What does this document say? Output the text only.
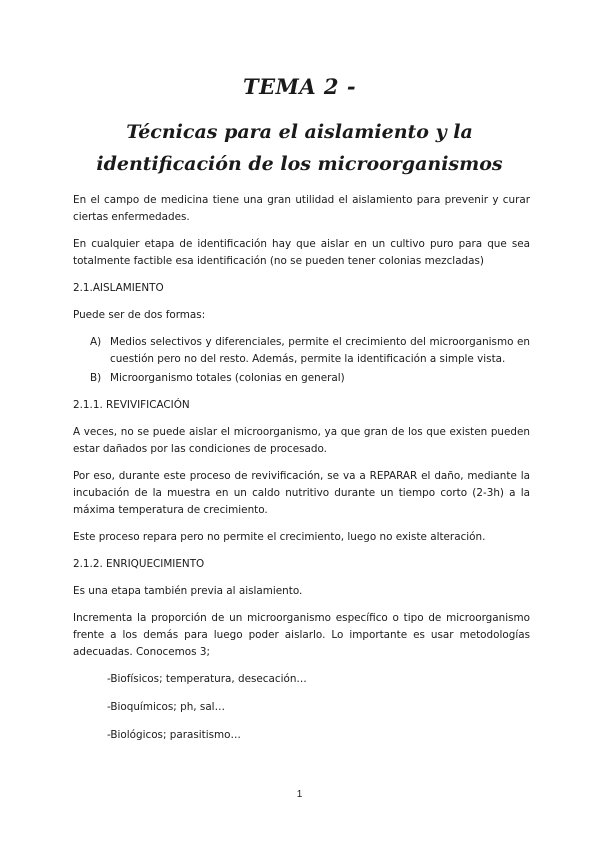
TEMA 2 -
Técnicas para el aislamiento y la identificación de los microorganismos

En el campo de medicina tiene una gran utilidad el aislamiento para prevenir y curar ciertas enfermedades.

En cualquier etapa de identificación hay que aislar en un cultivo puro para que sea totalmente factible esa identificación (no se pueden tener colonias mezcladas)

2.1.AISLAMIENTO

Puede ser de dos formas:

A) Medios selectivos y diferenciales, permite el crecimiento del microorganismo en cuestión pero no del resto. Además, permite la identificación a simple vista.
B) Microorganismo totales (colonias en general)
2.1.1. REVIVIFICACIÓN

A veces, no se puede aislar el microorganismo, ya que gran de los que existen pueden estar dañados por las condiciones de procesado.

Por eso, durante este proceso de revivificación, se va a REPARAR el daño, mediante la incubación de la muestra en un caldo nutritivo durante un tiempo corto (2-3h) a la máxima temperatura de crecimiento.

Este proceso repara pero no permite el crecimiento, luego no existe alteración.

2.1.2. ENRIQUECIMIENTO

Es una etapa también previa al aislamiento.

Incrementa la proporción de un microorganismo específico o tipo de microorganismo frente a los demás para luego poder aislarlo. Lo importante es usar metodologías adecuadas. Conocemos 3;

-Biofísicos; temperatura, desecación…
-Bioquímicos; ph, sal…
-Biológicos; parasitismo…
1
